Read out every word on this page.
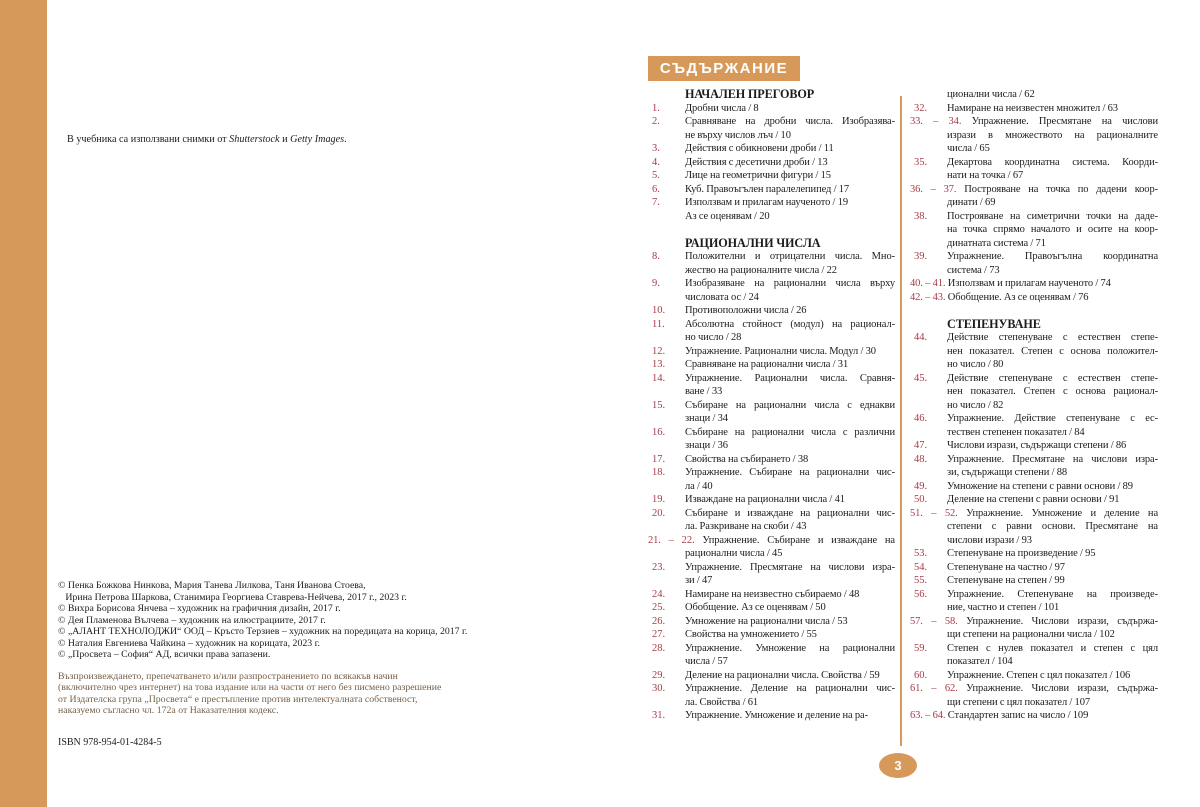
В учебника са използвани снимки от Shutterstock и Getty Images.

© Пенка Божкова Нинкова, Мария Танева Лилкова, Таня Иванова Стоева,
Ирина Петрова Шаркова, Станимира Георгиева Ставрева-Нейчева, 2017 г., 2023 г.
© Вихра Борисова Янчева – художник на графичния дизайн, 2017 г.
© Дея Пламенова Вълчева – художник на илюстрациите, 2017 г.
© „АЛАНТ ТЕХНОЛОДЖИ“ ООД – Кръсто Терзиев – художник на поредицата на корица, 2017 г.
© Наталия Евгениева Чайкина – художник на корицата, 2023 г.
© „Просвета – София“ АД, всички права запазени.
Възпроизвеждането, препечатването и/или разпространението по всякакъв начин
(включително чрез интернет) на това издание или на части от него без писмено разрешение
от Издателска група „Просвета“ е престъпление против интелектуалната собственост,
наказуемо съгласно чл. 172а от Наказателния кодекс.
ISBN 978-954-01-4284-5
СЪДЪРЖАНИЕ
НАЧАЛЕН ПРЕГОВОР
1. Дробни числа / 8
2. Сравняване на дробни числа. Изобразява-
не върху числов лъч / 10
3. Действия с обикновени дроби / 11
4. Действия с десетични дроби / 13
5. Лице на геометрични фигури / 15
6. Куб. Правоъгълен паралелепипед / 17
7. Използвам и прилагам наученото / 19
Аз се оценявам / 20
РАЦИОНАЛНИ ЧИСЛА
8. Положителни и отрицателни числа. Мно-
жество на рационалните числа / 22
9. Изобразяване на рационални числа върху
числовата ос / 24
10. Противоположни числа / 26
11. Абсолютна стойност (модул) на рационал-
но число / 28
12. Упражнение. Рационални числа. Модул / 30
13. Сравняване на рационални числа / 31
14. Упражнение. Рационални числа. Сравня-
ване / 33
15. Събиране на рационални числа с еднакви
знаци / 34
16. Събиране на рационални числа с различни
знаци / 36
17. Свойства на събирането / 38
18. Упражнение. Събиране на рационални чис-
ла / 40
19. Изваждане на рационални числа / 41
20. Събиране и изваждане на рационални чис-
ла. Разкриване на скоби / 43
21. – 22. Упражнение. Събиране и изваждане на
рационални числа / 45
23. Упражнение. Пресмятане на числови изра-
зи / 47
24. Намиране на неизвестно събираемо / 48
25. Обобщение. Аз се оценявам / 50
26. Умножение на рационални числа / 53
27. Свойства на умножението / 55
28. Упражнение. Умножение на рационални
числа / 57
29. Деление на рационални числа. Свойства / 59
30. Упражнение. Деление на рационални чис-
ла. Свойства / 61
31. Упражнение. Умножение и деление на ра-
ционални числа / 62
32. Намиране на неизвестен множител / 63
33. – 34. Упражнение. Пресмятане на числови
изрази в множеството на рационалните
числа / 65
35. Декартова координатна система. Коорди-
нати на точка / 67
36. – 37. Построяване на точка по дадени коор-
динати / 69
38. Построяване на симетрични точки на даде-
на точка спрямо началото и осите на коор-
динатната система / 71
39. Упражнение. Правоъгълна координатна
система / 73
40. – 41. Използвам и прилагам наученото / 74
42. – 43. Обобщение. Аз се оценявам / 76
СТЕПЕНУВАНЕ
44. Действие степенуване с естествен степе-
нен показател. Степен с основа положител-
но число / 80
45. Действие степенуване с естествен степе-
нен показател. Степен с основа рационал-
но число / 82
46. Упражнение. Действие степенуване с ес-
тествен степенен показател / 84
47. Числови изрази, съдържащи степени / 86
48. Упражнение. Пресмятане на числови изра-
зи, съдържащи степени / 88
49. Умножение на степени с равни основи / 89
50. Деление на степени с равни основи / 91
51. – 52. Упражнение. Умножение и деление на
степени с равни основи. Пресмятане на
числови изрази / 93
53. Степенуване на произведение / 95
54. Степенуване на частно / 97
55. Степенуване на степен / 99
56. Упражнение. Степенуване на произведе-
ние, частно и степен / 101
57. – 58. Упражнение. Числови изрази, съдържа-
щи степени на рационални числа / 102
59. Степен с нулев показател и степен с цял
показател / 104
60. Упражнение. Степен с цял показател / 106
61. – 62. Упражнение. Числови изрази, съдържа-
щи степени с цял показател / 107
63. – 64. Стандартен запис на число / 109
3
